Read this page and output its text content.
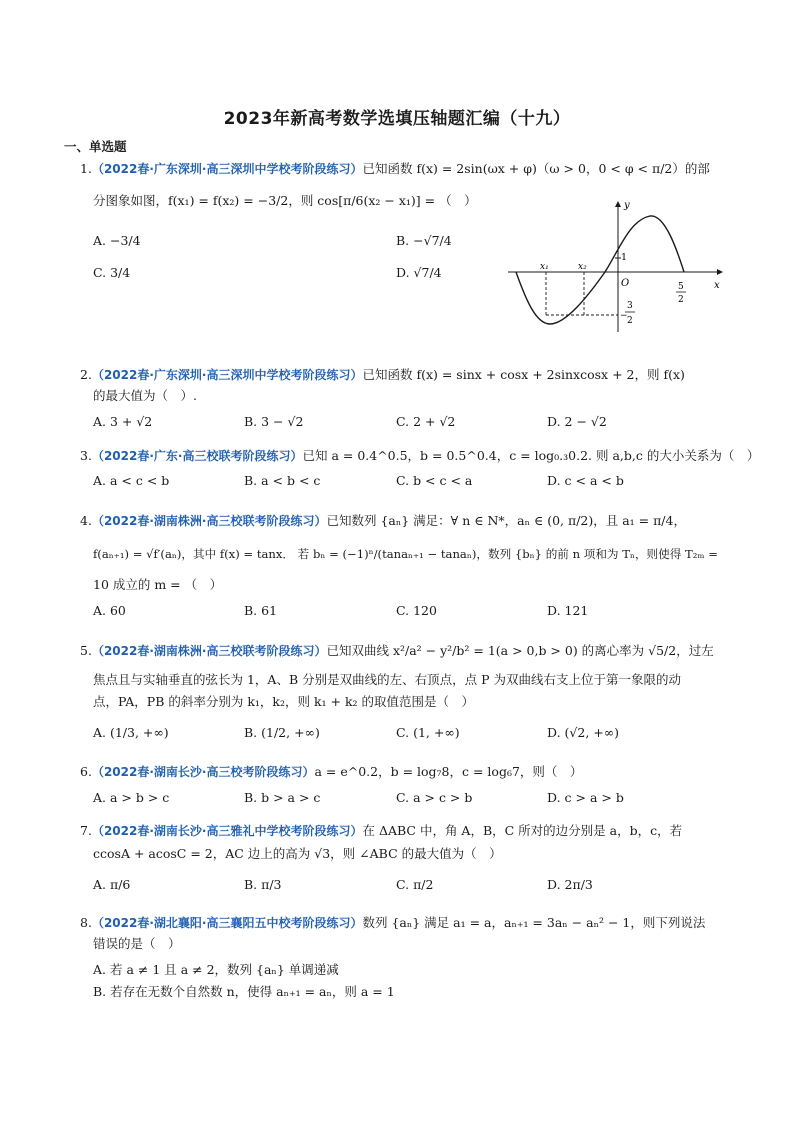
2023年新高考数学选填压轴题汇编（十九）
一、单选题
1.（2022春·广东深圳·高三深圳中学校考阶段练习）已知函数 f(x) = 2sin(ωx + φ)（ω > 0，0 < φ < π/2）的部
分图象如图，f(x₁) = f(x₂) = −3/2，则 cos[π/6(x₂ − x₁)] = （　）
A. −3/4	B. −√7/4
C. 3/4	D. √7/4
y
x
O
x₁	x₂
1
5
2
−
3
2
2.（2022春·广东深圳·高三深圳中学校考阶段练习）已知函数 f(x) = sinx + cosx + 2sinxcosx + 2，则 f(x)
的最大值为（　）.
A. 3 + √2	B. 3 − √2	C. 2 + √2	D. 2 − √2
3.（2022春·广东·高三校联考阶段练习）已知 a = 0.4^0.5，b = 0.5^0.4，c = log₀.₃0.2. 则 a,b,c 的大小关系为（　）
A. a < c < b	B. a < b < c	C. b < c < a	D. c < a < b
4.（2022春·湖南株洲·高三校联考阶段练习）已知数列 {aₙ} 满足：∀ n ∈ N*，aₙ ∈ (0, π/2)，且 a₁ = π/4，
f(aₙ₊₁) = √f′(aₙ)，其中 f(x) = tanx． 若 bₙ = (−1)ⁿ/(tanaₙ₊₁ − tanaₙ)，数列 {bₙ} 的前 n 项和为 Tₙ，则使得 T₂ₘ =
10 成立的 m = （　）
A. 60	B. 61	C. 120	D. 121
5.（2022春·湖南株洲·高三校联考阶段练习）已知双曲线 x²/a² − y²/b² = 1(a > 0,b > 0) 的离心率为 √5/2，过左
焦点且与实轴垂直的弦长为 1，A、B 分别是双曲线的左、右顶点，点 P 为双曲线右支上位于第一象限的动
点，PA，PB 的斜率分别为 k₁，k₂，则 k₁ + k₂ 的取值范围是（　）
A. (1/3, +∞)	B. (1/2, +∞)	C. (1, +∞)	D. (√2, +∞)
6.（2022春·湖南长沙·高三校考阶段练习）a = e^0.2，b = log₇8，c = log₆7，则（　）
A. a > b > c	B. b > a > c	C. a > c > b	D. c > a > b
7.（2022春·湖南长沙·高三雅礼中学校考阶段练习）在 ΔABC 中，角 A，B，C 所对的边分别是 a，b，c，若
ccosA + acosC = 2，AC 边上的高为 √3，则 ∠ABC 的最大值为（　）
A. π/6	B. π/3	C. π/2	D. 2π/3
8.（2022春·湖北襄阳·高三襄阳五中校考阶段练习）数列 {aₙ} 满足 a₁ = a，aₙ₊₁ = 3aₙ − aₙ² − 1，则下列说法
错误的是（　）
A. 若 a ≠ 1 且 a ≠ 2，数列 {aₙ} 单调递减
B. 若存在无数个自然数 n，使得 aₙ₊₁ = aₙ，则 a = 1
